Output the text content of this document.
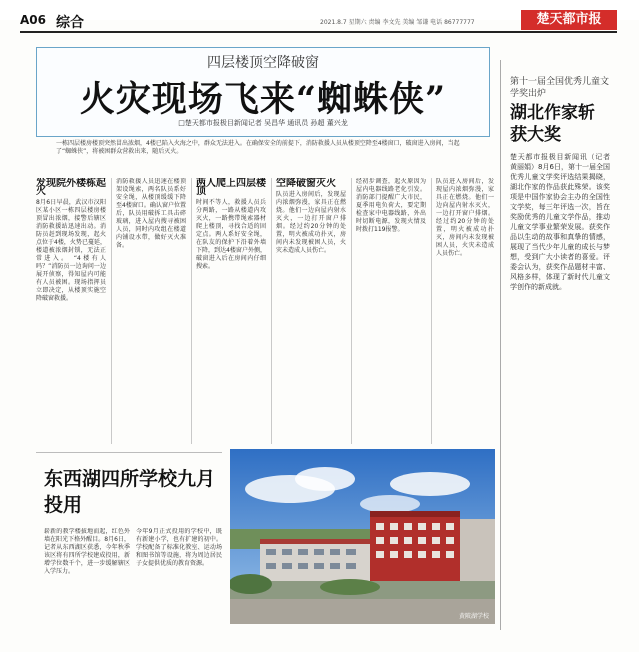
A06 综合	2021.8.7 星期六 责编 李文先 美编 邹谦 电话 86777777	楚天都市报
四层楼顶空降破窗
火灾现场飞来“蜘蛛侠”
□楚天都市报极目新闻记者 吴昌华 通讯员 孙超 董兴龙
一栋四层楼房楼顶突然冒出浓烟，4楼已陷入火海之中，群众无法进入。在确保安全的前提下，消防救援人员从楼顶空降至4楼窗口，破窗进入房间，当起了“蜘蛛侠”，将被困群众营救出来，随后灭火。
发现院外楼栋起火
8月6日早晨，武汉市汉阳区某小区一栋四层楼房楼顶冒出浓烟，接警后辖区消防救援站迅速出动。消防员赶到现场发现，起火点位于4楼，火势已蔓延，楼道被浓烟封锁，无法正常进入。 “4楼有人吗？”消防员一边询问一边展开侦察，得知屋内可能有人员被困。现场指挥员立即决定，从楼顶实施空降破窗救援。
消防救援人员迅速在楼顶架设绳索，两名队员系好安全绳，从楼顶缓缓下降至4楼窗口。确认窗户位置后，队员用破拆工具击碎玻璃，进入屋内搜寻被困人员，同时内攻组在楼道内铺设水带，做好灭火准备。
两人爬上四层楼顶
时间不等人，救援人员兵分两路，一路从楼道内攻灭火，一路携带绳索器材爬上楼顶，寻找合适的固定点。两人系好安全绳，在队友的保护下沿着外墙下降，到达4楼窗户外侧，破窗进入后在房间内仔细搜索。
空降破窗灭火
队员进入房间后，发现屋内浓烟弥漫，家具正在燃烧。他们一边向屋内射水灭火，一边打开窗户排烟。经过约20分钟的处置，明火被成功扑灭，房间内未发现被困人员，火灾未造成人员伤亡。
经初步调查，起火原因为屋内电器线路老化引发。消防部门提醒广大市民，夏季用电负荷大，要定期检查家中电器线路，外出时切断电源，发现火情及时拨打119报警。
队员进入房间后，发现屋内浓烟弥漫，家具正在燃烧。他们一边向屋内射水灭火，一边打开窗户排烟。经过约20分钟的处置，明火被成功扑灭，房间内未发现被困人员，火灾未造成人员伤亡。
第十一届全国优秀儿童文学奖出炉
湖北作家斩获大奖
楚天都市报极目新闻讯（记者 黄丽娟）8月6日，第十一届全国优秀儿童文学奖评选结果揭晓，湖北作家的作品获此殊荣。该奖项是中国作家协会主办的全国性文学奖，每三年评选一次，旨在奖励优秀的儿童文学作品，推动儿童文学事业繁荣发展。获奖作品以生动的故事和真挚的情感，展现了当代少年儿童的成长与梦想，受到广大小读者的喜爱。评委会认为，获奖作品题材丰富、风格多样，体现了新时代儿童文学创作的新成就。
东西湖四所学校九月投用
崭新的教学楼拔地而起，红色外墙在阳光下格外醒目。8月6日，记者从东西湖区获悉，今年秋季该区将有四所学校建成投用，新增学位数千个，进一步缓解辖区入学压力。
今年9月正式投用的学校中，既有新建小学，也有扩建的初中。学校配备了标准化教室、运动场和图书馆等设施，将为周边居民子女提供优质的教育资源。
黄陂湖学校
